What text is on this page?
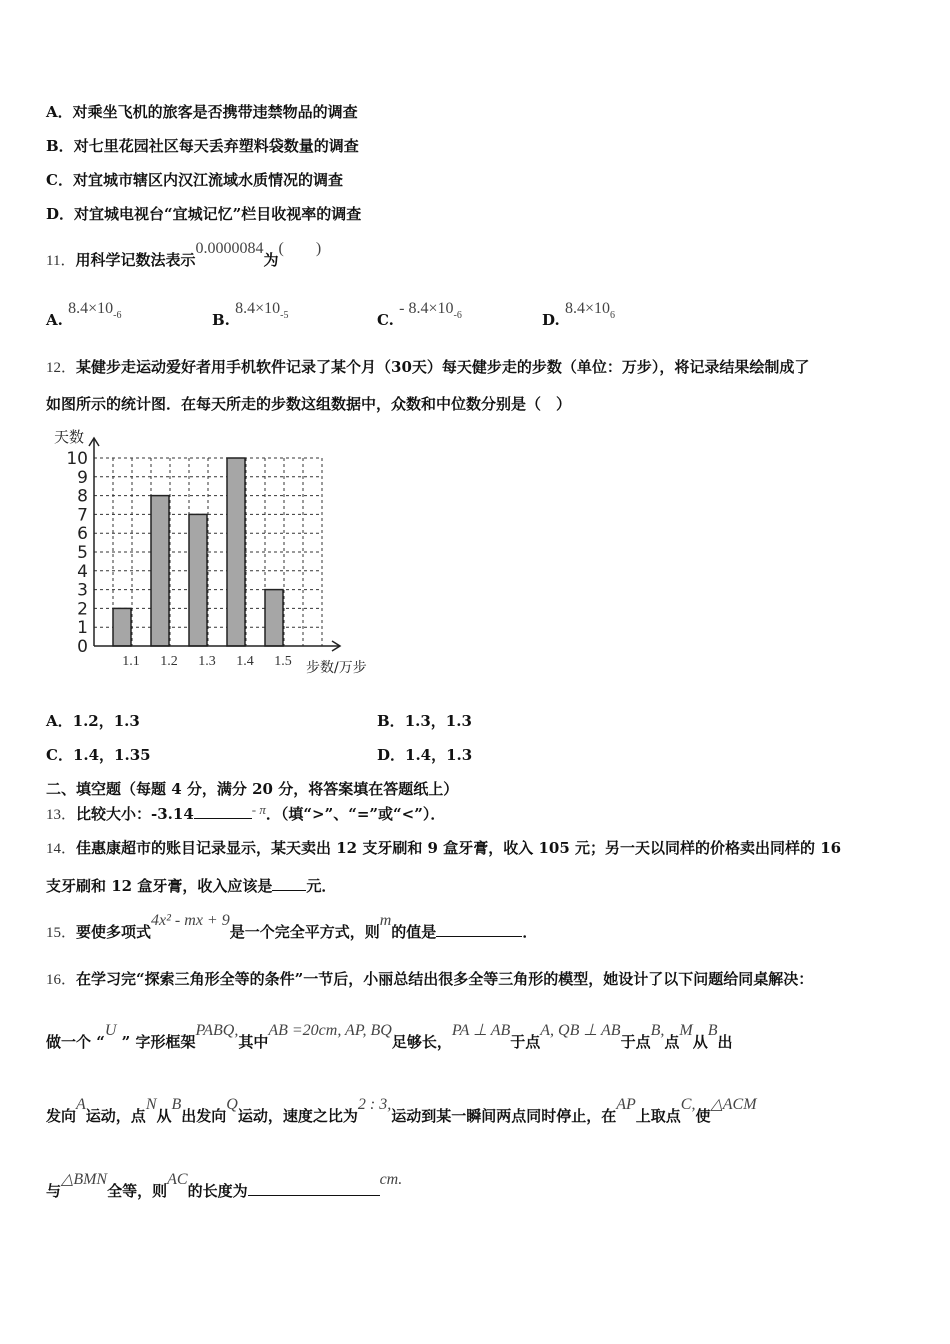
A．对乘坐飞机的旅客是否携带违禁物品的调查
B．对七里花园社区每天丢弃塑料袋数量的调查
C．对宜城市辖区内汉江流域水质情况的调查
D．对宜城电视台“宜城记忆”栏目收视率的调查
11．用科学记数法表示0.0000084为(　　)
A. $8.4\times 10^{-6}$	B. $8.4\times 10^{-5}$	C. - $8.4\times 10^{-6}$	D. $8.4\times 10^6$
12．某健步走运动爱好者用手机软件记录了某个月（30天）每天健步走的步数（单位：万步），将记录结果绘制成了
如图所示的统计图．在每天所走的步数这组数据中，众数和中位数分别是（　）
0
1
2
3
4
5
6
7
8
9
10
1.1 1.2 1.3 1.4 1.5
天数
步数/万步
A．1.2，1.3	B．1.3，1.3
C．1.4，1.35	D．1.4，1.3
二、填空题（每题 4 分，满分 20 分，将答案填在答题纸上）
13．比较大小：-3.14	- π．（填“>”、“=”或“<”）．
14．佳惠康超市的账目记录显示，某天卖出 12 支牙刷和 9 盒牙膏，收入 105 元；另一天以同样的价格卖出同样的 16
支牙刷和 12 盒牙膏，收入应该是 元．
15．要使多项式4x² - mx + 9是一个完全平方式，则m的值是	．
16．在学习完“探索三角形全等的条件”一节后，小丽总结出很多全等三角形的模型，她设计了以下问题给同桌解决：
做一个 “U ” 字形框架PABQ,其中AB =20cm, AP, BQ足够长，PA ⊥ AB于点A, QB ⊥ AB于点B,点M从B出
发向A运动，点N从B出发向Q运动，速度之比为2 : 3,运动到某一瞬间两点同时停止，在AP上取点C,使△ACM
与△BMN全等，则AC的长度为cm.
